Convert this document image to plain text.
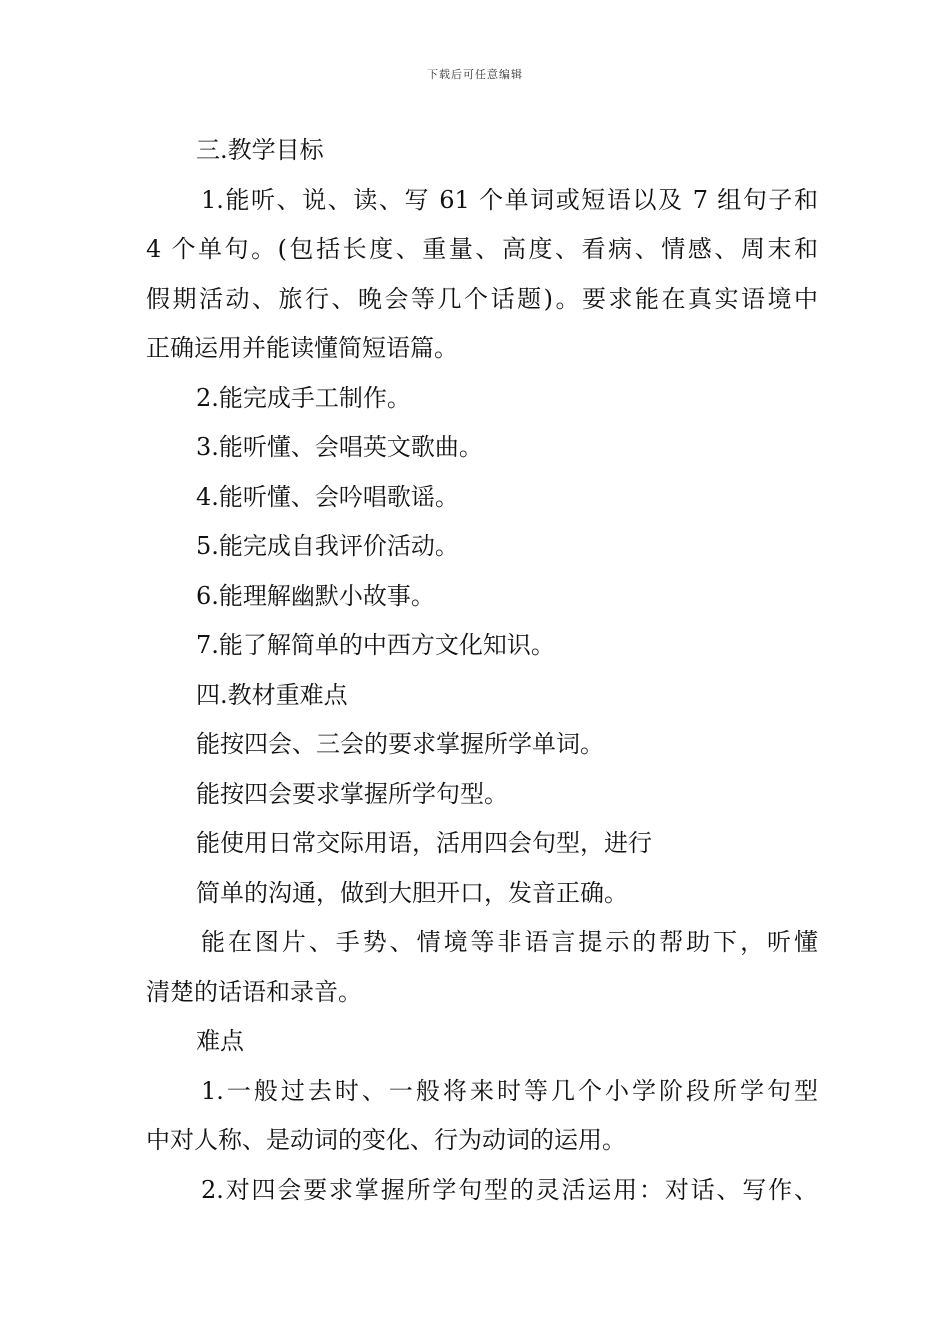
下载后可任意编辑

三.教学目标

1.能听、说、读、写 61 个单词或短语以及 7 组句子和

4 个单句。(包括长度、重量、高度、看病、情感、周末和

假期活动、旅行、晚会等几个话题)。要求能在真实语境中

正确运用并能读懂简短语篇。

2.能完成手工制作。

3.能听懂、会唱英文歌曲。

4.能听懂、会吟唱歌谣。

5.能完成自我评价活动。

6.能理解幽默小故事。

7.能了解简单的中西方文化知识。

四.教材重难点

能按四会、三会的要求掌握所学单词。

能按四会要求掌握所学句型。

能使用日常交际用语，活用四会句型，进行

简单的沟通，做到大胆开口，发音正确。

能在图片、手势、情境等非语言提示的帮助下，听懂

清楚的话语和录音。

难点

1.一般过去时、一般将来时等几个小学阶段所学句型

中对人称、是动词的变化、行为动词的运用。

2.对四会要求掌握所学句型的灵活运用：对话、写作、
